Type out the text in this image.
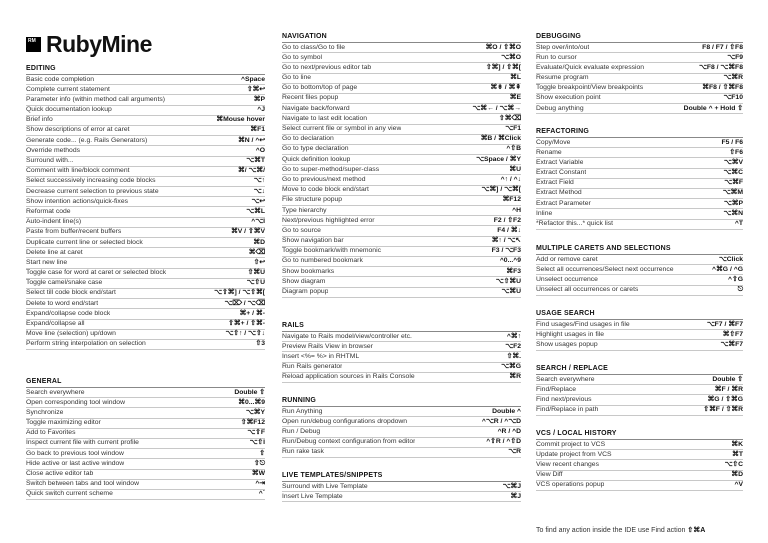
RM RubyMine
EDITING
Basic code completion	^Space
Complete current statement	⇧⌘↩
Parameter info (within method call arguments)	⌘P
Quick documentation lookup	^J
Brief info	⌘Mouse hover
Show descriptions of error at caret	⌘F1
Generate code... (e.g. Rails Generators)	⌘N / ^↩
Override methods	^O
Surround with...	⌥⌘T
Comment with line/block comment	⌘/ ⌥⌘/
Select successively increasing code blocks	⌥↑
Decrease current selection to previous state	⌥↓
Show intention actions/quick-fixes	⌥↩
Reformat code	⌥⌘L
Auto-indent line(s)	^⌥I
Paste from buffer/recent buffers	⌘V / ⇧⌘V
Duplicate current line or selected block	⌘D
Delete line at caret	⌘⌫
Start new line	⇧↩
Toggle case for word at caret or selected block	⇧⌘U
Toggle camel/snake case	⌥⇧U
Select till code block end/start	⌥⇧⌘] / ⌥⇧⌘[
Delete to word end/start	⌥⌦ / ⌥⌫
Expand/collapse code block	⌘+ / ⌘-
Expand/collapse all	⇧⌘+ / ⇧⌘-
Move line (selection) up/down	⌥⇧↑ / ⌥⇧↓
Perform string interpolation on selection	⇧3
GENERAL
Search everywhere	Double ⇧
Open corresponding tool window	⌘0...⌘9
Synchronize	⌥⌘Y
Toggle maximizing editor	⇧⌘F12
Add to Favorites	⌥⇧F
Inspect current file with current profile	⌥⇧I
Go back to previous tool window	⇧
Hide active or last active window	⇧⎋
Close active editor tab	⌘W
Switch between tabs and tool window	^⇥
Quick switch current scheme	^`
NAVIGATION
Go to class/Go to file	⌘O / ⇧⌘O
Go to symbol	⌥⌘O
Go to next/previous editor tab	⇧⌘] / ⇧⌘[
Go to line	⌘L
Go to bottom/top of page	⌘⇟ / ⌘⇞
Recent files popup	⌘E
Navigate back/forward	⌥⌘← / ⌥⌘→
Navigate to last edit location	⇧⌘⌫
Select current file or symbol in any view	⌥F1
Go to declaration	⌘B / ⌘Click
Go to type declaration	^⇧B
Quick definition lookup	⌥Space / ⌘Y
Go to super-method/super-class	⌘U
Go to previous/next method	^↑ / ^↓
Move to code block end/start	⌥⌘] / ⌥⌘[
File structure popup	⌘F12
Type hierarchy	^H
Next/previous highlighted error	F2 / ⇧F2
Go to source	F4 / ⌘↓
Show navigation bar	⌘↑ / ⌥↖
Toggle bookmark/with mnemonic	F3 / ⌥F3
Go to numbered bookmark	^0...^9
Show bookmarks	⌘F3
Show diagram	⌥⇧⌘U
Diagram popup	⌥⌘U
RAILS
Navigate to Rails model/view/controller etc.	^⌘↑
Preview Rails View in browser	⌥F2
Insert <%= %> in RHTML	⇧⌘.
Run Rails generator	⌥⌘G
Reload application sources in Rails Console	⌘R
RUNNING
Run Anything	Double ^
Open run/debug configurations dropdown	^⌥R / ^⌥D
Run / Debug	^R / ^D
Run/Debug context configuration from editor	^⇧R / ^⇧D
Run rake task	⌥R
LIVE TEMPLATES/SNIPPETS
Surround with Live Template	⌥⌘J
Insert Live Template	⌘J
DEBUGGING
Step over/into/out	F8 / F7 / ⇧F8
Run to cursor	⌥F9
Evaluate/Quick evaluate expression	⌥F8 / ⌥⌘F8
Resume program	⌥⌘R
Toggle breakpoint/View breakpoints	⌘F8 / ⇧⌘F8
Show execution point	⌥F10
Debug anything	Double ^ + Hold ⇧
REFACTORING
Copy/Move	F5 / F6
Rename	⇧F6
Extract Variable	⌥⌘V
Extract Constant	⌥⌘C
Extract Field	⌥⌘F
Extract Method	⌥⌘M
Extract Parameter	⌥⌘P
Inline	⌥⌘N
*Refactor this...* quick list	^T
MULTIPLE CARETS AND SELECTIONS
Add or remove caret	⌥Click
Select all occurrences/Select next occurrence	^⌘G / ^G
Unselect occurrence	^⇧G
Unselect all occurrences or carets	⎋
USAGE SEARCH
Find usages/Find usages in file	⌥F7 / ⌘F7
Highlight usages in file	⌘⇧F7
Show usages popup	⌥⌘F7
SEARCH / REPLACE
Search everywhere	Double ⇧
Find/Replace	⌘F / ⌘R
Find next/previous	⌘G / ⇧⌘G
Find/Replace in path	⇧⌘F / ⇧⌘R
VCS / LOCAL HISTORY
Commit project to VCS	⌘K
Update project from VCS	⌘T
View recent changes	⌥⇧C
View Diff	⌘D
VCS operations popup	^V
To find any action inside the IDE use Find action ⇧⌘A
